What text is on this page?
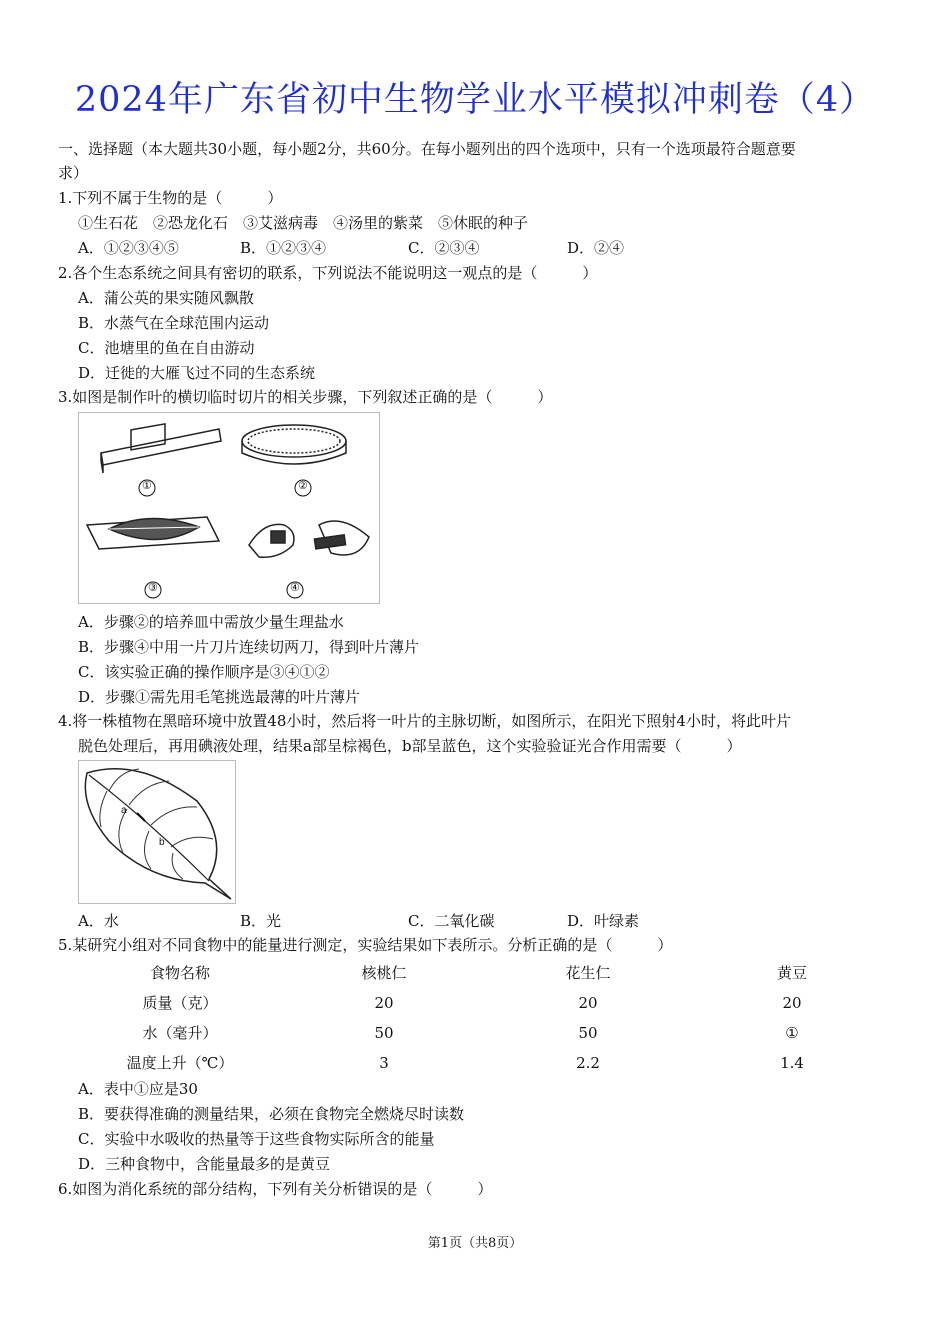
2024年广东省初中生物学业水平模拟冲刺卷（4）
一、选择题（本大题共30小题，每小题2分，共60分。在每小题列出的四个选项中，只有一个选项最符合题意要
求）
1.下列不属于生物的是（　　　）
①生石花　②恐龙化石　③艾滋病毒　④汤里的紫菜　⑤休眠的种子
A．①②③④⑤	B．①②③④	C．②③④	D．②④
2.各个生态系统之间具有密切的联系，下列说法不能说明这一观点的是（　　　）
A．蒲公英的果实随风飘散
B．水蒸气在全球范围内运动
C．池塘里的鱼在自由游动
D．迁徙的大雁飞过不同的生态系统
3.如图是制作叶的横切临时切片的相关步骤，下列叙述正确的是（　　　）
①	②
③	④
A．步骤②的培养皿中需放少量生理盐水
B．步骤④中用一片刀片连续切两刀，得到叶片薄片
C．该实验正确的操作顺序是③④①②
D．步骤①需先用毛笔挑选最薄的叶片薄片
4.将一株植物在黑暗环境中放置48小时，然后将一叶片的主脉切断，如图所示，在阳光下照射4小时，将此叶片
脱色处理后，再用碘液处理，结果a部呈棕褐色，b部呈蓝色，这个实验验证光合作用需要（　　　）
a
b
A．水	B．光	C．二氧化碳	D．叶绿素
5.某研究小组对不同食物中的能量进行测定，实验结果如下表所示。分析正确的是（　　　）
食物名称	核桃仁	花生仁	黄豆
质量（克）	20	20	20
水（毫升）	50	50	①
温度上升（℃）	3	2.2	1.4
A．表中①应是30
B．要获得准确的测量结果，必须在食物完全燃烧尽时读数
C．实验中水吸收的热量等于这些食物实际所含的能量
D．三种食物中，含能量最多的是黄豆
6.如图为消化系统的部分结构，下列有关分析错误的是（　　　）
第1页（共8页）
